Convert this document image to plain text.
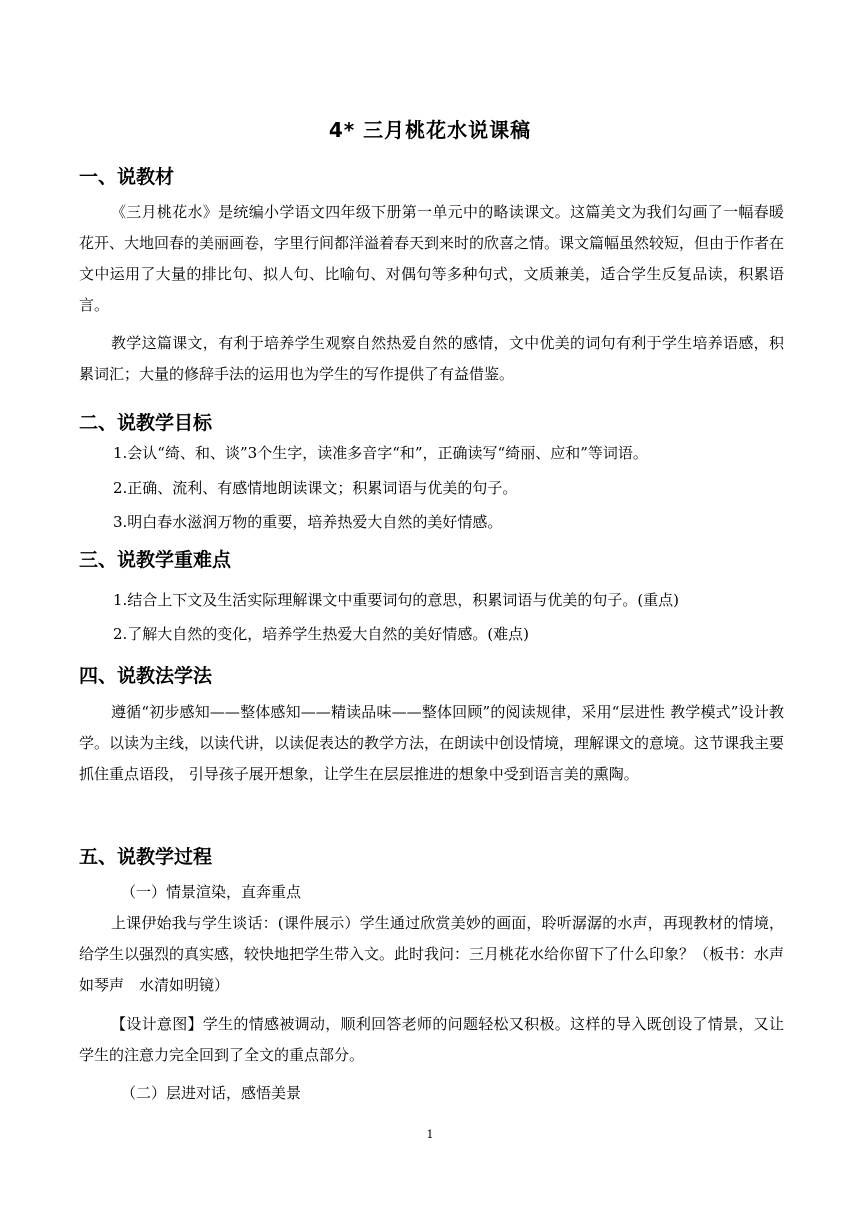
4* 三月桃花水说课稿
一、说教材
《三月桃花水》是统编小学语文四年级下册第一单元中的略读课文。这篇美文为我们勾画了一幅春暖花开、大地回春的美丽画卷，字里行间都洋溢着春天到来时的欣喜之情。课文篇幅虽然较短，但由于作者在文中运用了大量的排比句、拟人句、比喻句、对偶句等多种句式，文质兼美，适合学生反复品读，积累语言。
教学这篇课文，有利于培养学生观察自然热爱自然的感情，文中优美的词句有利于学生培养语感，积累词汇；大量的修辞手法的运用也为学生的写作提供了有益借鉴。
二、说教学目标
1.会认“绮、和、谈”3个生字，读准多音字“和”，正确读写“绮丽、应和”等词语。
2.正确、流利、有感情地朗读课文；积累词语与优美的句子。
3.明白春水滋润万物的重要，培养热爱大自然的美好情感。
三、说教学重难点
1.结合上下文及生活实际理解课文中重要词句的意思，积累词语与优美的句子。(重点)
2.了解大自然的变化，培养学生热爱大自然的美好情感。(难点)
四、说教法学法
遵循“初步感知——整体感知——精读品味——整体回顾”的阅读规律，采用“层进性 教学模式”设计教学。以读为主线，以读代讲，以读促表达的教学方法，在朗读中创设情境，理解课文的意境。这节课我主要抓住重点语段， 引导孩子展开想象，让学生在层层推进的想象中受到语言美的熏陶。
五、说教学过程
（一）情景渲染，直奔重点
上课伊始我与学生谈话：(课件展示）学生通过欣赏美妙的画面，聆听潺潺的水声，再现教材的情境，给学生以强烈的真实感，较快地把学生带入文。此时我问：三月桃花水给你留下了什么印象？（板书：水声如琴声　水清如明镜）
【设计意图】学生的情感被调动，顺利回答老师的问题轻松又积极。这样的导入既创设了情景，又让学生的注意力完全回到了全文的重点部分。
（二）层进对话，感悟美景
1
